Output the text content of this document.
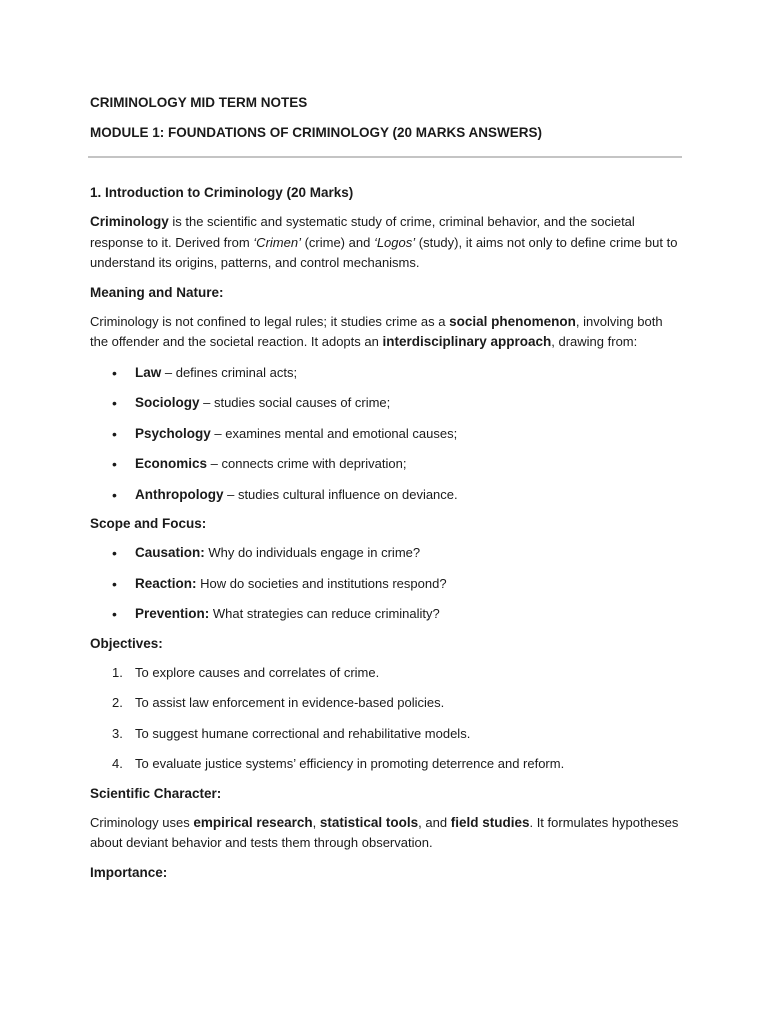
CRIMINOLOGY MID TERM NOTES
MODULE 1: FOUNDATIONS OF CRIMINOLOGY (20 MARKS ANSWERS)
1. Introduction to Criminology (20 Marks)

Criminology is the scientific and systematic study of crime, criminal behavior, and the societal response to it. Derived from ‘Crimen’ (crime) and ‘Logos’ (study), it aims not only to define crime but to understand its origins, patterns, and control mechanisms.

Meaning and Nature:

Criminology is not confined to legal rules; it studies crime as a social phenomenon, involving both the offender and the societal reaction. It adopts an interdisciplinary approach, drawing from:

• Law – defines criminal acts;
• Sociology – studies social causes of crime;
• Psychology – examines mental and emotional causes;
• Economics – connects crime with deprivation;
• Anthropology – studies cultural influence on deviance.
Scope and Focus:
• Causation: Why do individuals engage in crime?
• Reaction: How do societies and institutions respond?
• Prevention: What strategies can reduce criminality?
Objectives:
1. To explore causes and correlates of crime.
2. To assist law enforcement in evidence-based policies.
3. To suggest humane correctional and rehabilitative models.
4. To evaluate justice systems’ efficiency in promoting deterrence and reform.
Scientific Character:

Criminology uses empirical research, statistical tools, and field studies. It formulates hypotheses about deviant behavior and tests them through observation.

Importance:
